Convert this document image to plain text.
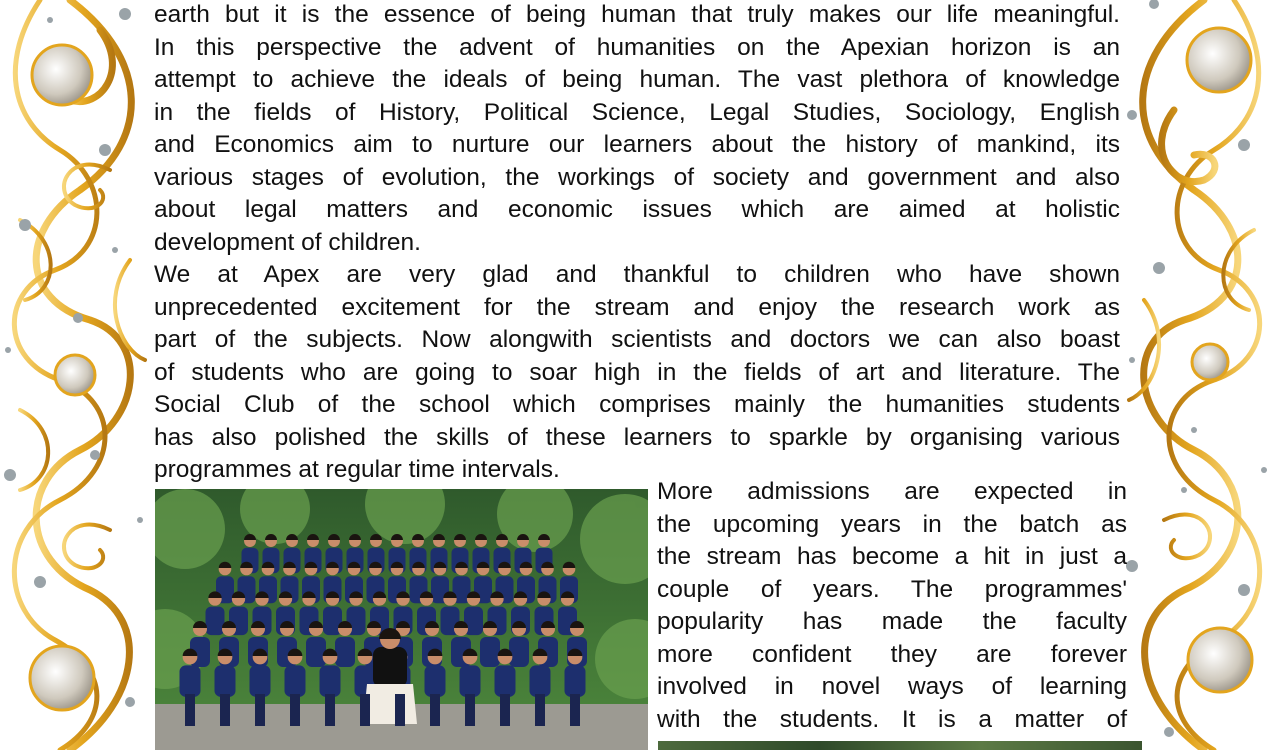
earth but it is the essence of being human that truly makes our life meaningful.
In this perspective the advent of humanities on the Apexian horizon is an
attempt to achieve the ideals of being human. The vast plethora of knowledge
in the fields of History, Political Science, Legal Studies, Sociology, English
and Economics aim to nurture our learners about the history of mankind, its
various stages of evolution, the workings of society and government and also
about legal matters and economic issues which are aimed at holistic
development of children.
We at Apex are very glad and thankful to children who have shown
unprecedented excitement for the stream and enjoy the research work as
part of the subjects. Now alongwith scientists and doctors we can also boast
of students who are going to soar high in the fields of art and literature. The
Social Club of the school which comprises mainly the humanities students
has also polished the skills of these learners to sparkle by organising various
programmes at regular time intervals.
More admissions are expected in
the upcoming years in the batch as
the stream has become a hit in just a
couple of years. The programmes'
popularity has made the faculty
more confident they are forever
involved in novel ways of learning
with the students. It is a matter of
